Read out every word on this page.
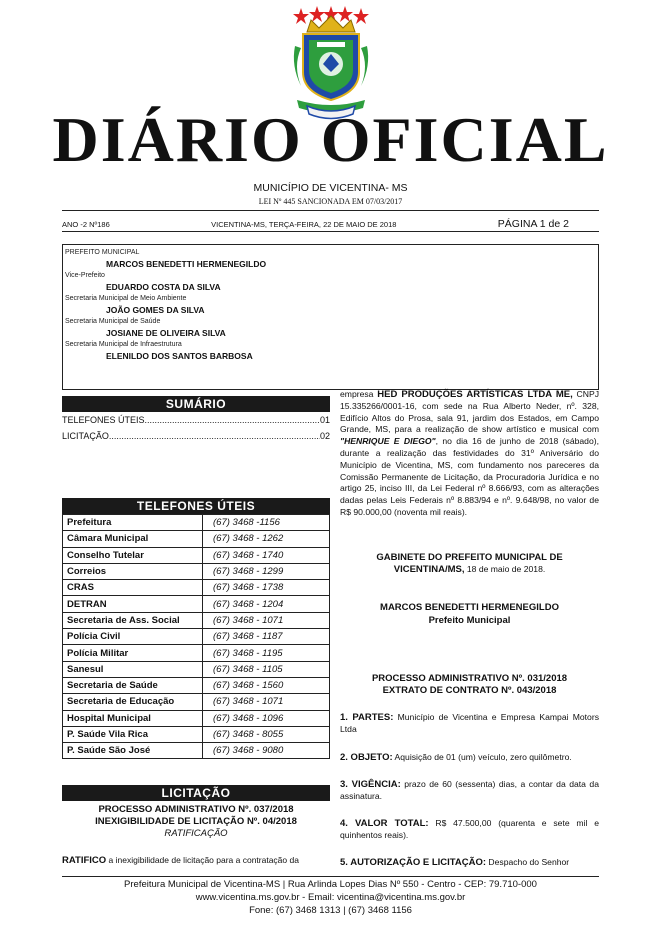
DIÁRIO OFICIAL
MUNICÍPIO DE VICENTINA- MS
LEI Nº 445 SANCIONADA EM 07/03/2017
ANO -2 Nº186	VICENTINA-MS, TERÇA-FEIRA, 22 DE MAIO DE 2018	PÁGINA 1 de 2
PREFEITO MUNICIPAL
MARCOS BENEDETTI HERMENEGILDO
Vice-Prefeito
EDUARDO COSTA DA SILVA
Secretaria Municipal de Meio Ambiente
JOÃO GOMES DA SILVA
Secretaria Municipal de Saúde
JOSIANE DE OLIVEIRA SILVA
Secretaria Municipal de Infraestrutura
ELENILDO DOS SANTOS BARBOSA
SUMÁRIO
TELEFONES ÚTEIS .....	01
LICITAÇÃO .....	02
TELEFONES ÚTEIS
Prefeitura	(67) 3468 -1156
Câmara Municipal	(67) 3468 - 1262
Conselho Tutelar	(67) 3468 - 1740
Correios	(67) 3468 - 1299
CRAS	(67) 3468 - 1738
DETRAN	(67) 3468 - 1204
Secretaria de Ass. Social	(67) 3468 - 1071
Polícia Civil	(67) 3468 - 1187
Polícia Militar	(67) 3468 - 1195
Sanesul	(67) 3468 - 1105
Secretaria de Saúde	(67) 3468 - 1560
Secretaria de Educação	(67) 3468 - 1071
Hospital Municipal	(67) 3468 - 1096
P. Saúde Vila Rica	(67) 3468 - 8055
P. Saúde São José	(67) 3468 - 9080
LICITAÇÃO
PROCESSO ADMINISTRATIVO Nº. 037/2018
INEXIGIBILIDADE DE LICITAÇÃO Nº. 04/2018
RATIFICAÇÃO
RATIFICO a inexigibilidade de licitação para a contratação da
empresa HED PRODUÇÕES ARTÍSTICAS LTDA ME, CNPJ 15.335266/0001-16, com sede na Rua Alberto Neder, nº. 328, Edifício Altos do Prosa, sala 91, jardim dos Estados, em Campo Grande, MS, para a realização de show artístico e musical com "HENRIQUE E DIEGO", no dia 16 de junho de 2018 (sábado), durante a realização das festividades do 31º Aniversário do Município de Vicentina, MS, com fundamento nos pareceres da Comissão Permanente de Licitação, da Procuradoria Jurídica e no artigo 25, inciso III, da Lei Federal nº 8.666/93, com as alterações dadas pelas Leis Federais nº 8.883/94 e nº. 9.648/98, no valor de R$ 90.000,00 (noventa mil reais).
GABINETE DO PREFEITO MUNICIPAL DE VICENTINA/MS, 18 de maio de 2018.
MARCOS BENEDETTI HERMENEGILDO
Prefeito Municipal
PROCESSO ADMINISTRATIVO Nº. 031/2018
EXTRATO DE CONTRATO Nº. 043/2018
1. PARTES: Município de Vicentina e Empresa Kampai Motors Ltda
2. OBJETO: Aquisição de 01 (um) veículo, zero quilômetro.
3. VIGÊNCIA: prazo de 60 (sessenta) dias, a contar da data da assinatura.
4. VALOR TOTAL: R$ 47.500,00 (quarenta e sete mil e quinhentos reais).
5. AUTORIZAÇÃO E LICITAÇÃO: Despacho do Senhor
Prefeitura Municipal de Vicentina-MS | Rua Arlinda Lopes Dias Nº 550 - Centro - CEP: 79.710-000
www.vicentina.ms.gov.br - Email: vicentina@vicentina.ms.gov.br
Fone: (67) 3468 1313 | (67) 3468 1156
